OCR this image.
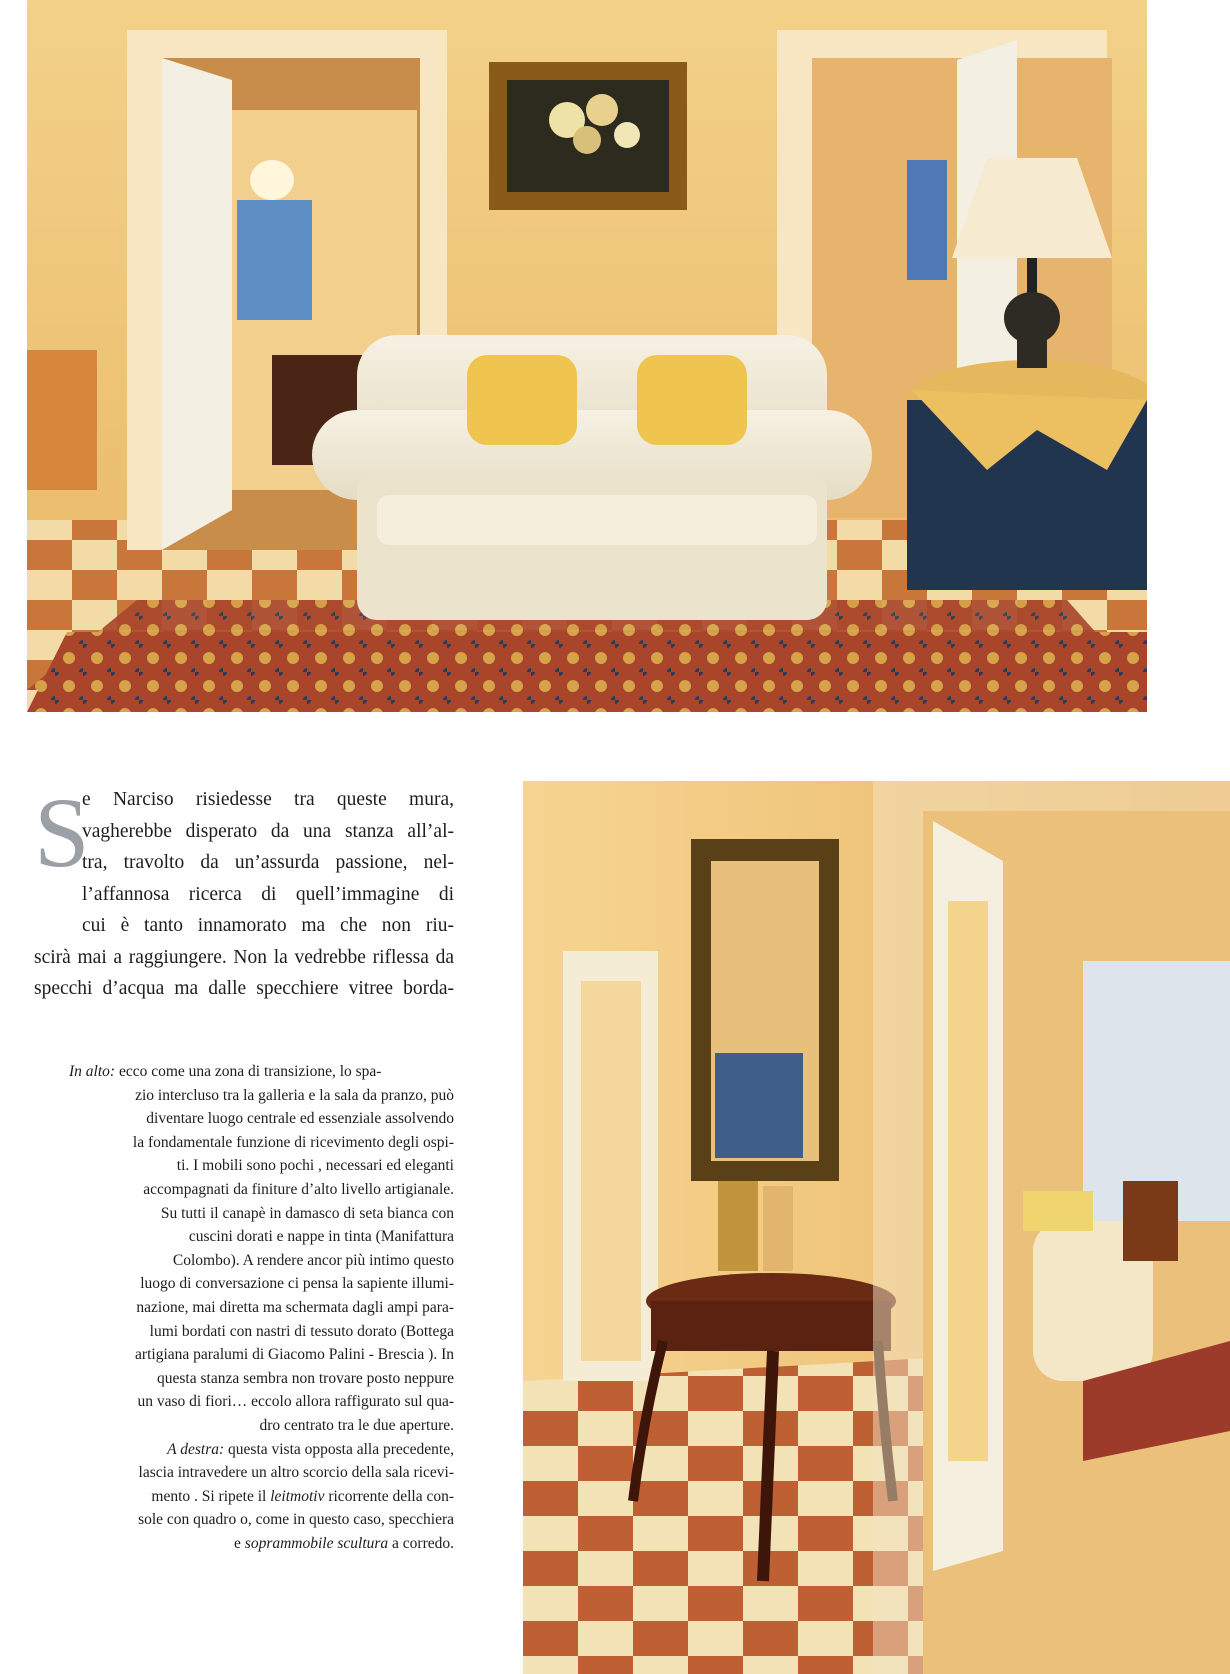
S
e Narciso risiedesse tra queste mura,
vagherebbe disperato da una stanza all’al-
tra, travolto da un’assurda passione, nel-
l’affannosa ricerca di quell’immagine di
cui è tanto innamorato ma che non riu-
scirà mai a raggiungere. Non la vedrebbe riflessa da
specchi d’acqua ma dalle specchiere vitree borda-
In alto: ecco come una zona di transizione, lo spa-
zio intercluso tra la galleria e la sala da pranzo, può
diventare luogo centrale ed essenziale assolvendo
la fondamentale funzione di ricevimento degli ospi-
ti. I mobili sono pochi , necessari ed eleganti
accompagnati da finiture d’alto livello artigianale.
Su tutti il canapè in damasco di seta bianca con
cuscini dorati e nappe in tinta (Manifattura
Colombo). A rendere ancor più intimo questo
luogo di conversazione ci pensa la sapiente illumi-
nazione, mai diretta ma schermata dagli ampi para-
lumi bordati con nastri di tessuto dorato (Bottega
artigiana paralumi di Giacomo Palini - Brescia ). In
questa stanza sembra non trovare posto neppure
un vaso di fiori… eccolo allora raffigurato sul qua-
dro centrato tra le due aperture.
A destra: questa vista opposta alla precedente,
lascia intravedere un altro scorcio della sala ricevi-
mento . Si ripete il leitmotiv ricorrente della con-
sole con quadro o, come in questo caso, specchiera
e soprammobile scultura a corredo.
